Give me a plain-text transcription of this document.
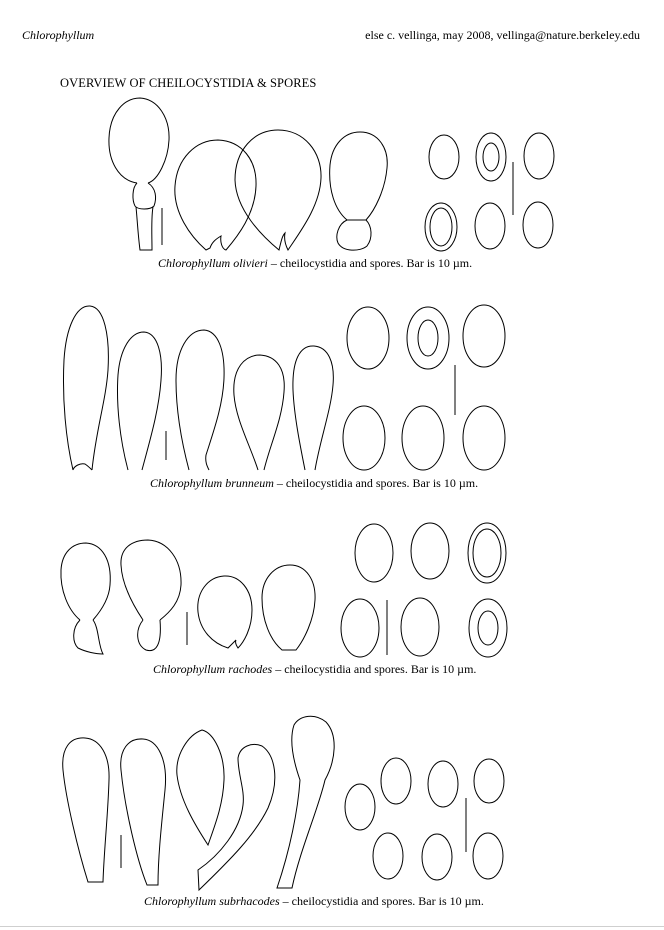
Chlorophyllum	else c. vellinga, may 2008, vellinga@nature.berkeley.edu
OVERVIEW OF CHEILOCYSTIDIA & SPORES
Chlorophyllum olivieri – cheilocystidia and spores. Bar is 10 µm.
Chlorophyllum brunneum – cheilocystidia and spores. Bar is 10 µm.
Chlorophyllum rachodes – cheilocystidia and spores. Bar is 10 µm.
Chlorophyllum subrhacodes – cheilocystidia and spores. Bar is 10 µm.
